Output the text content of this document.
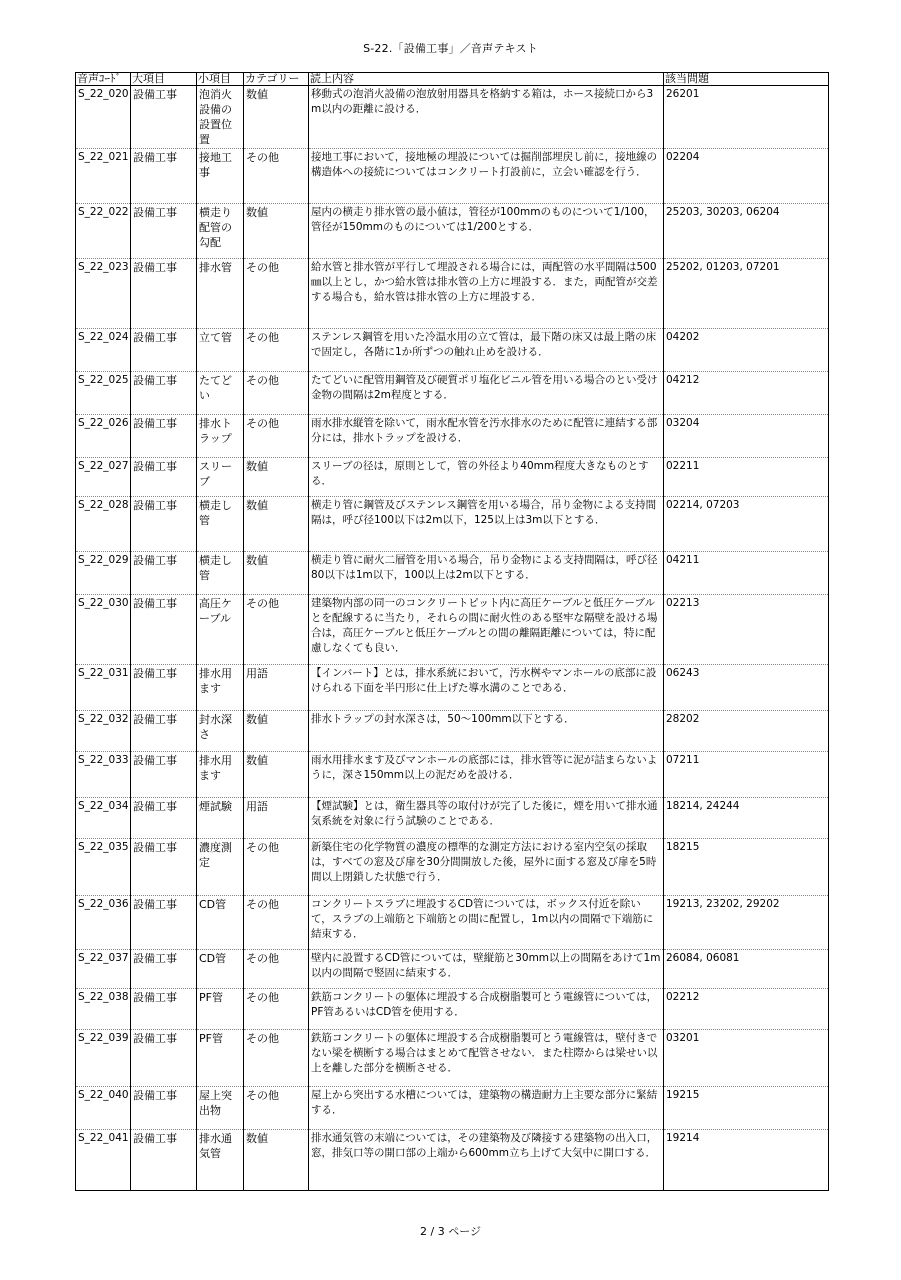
S-22.「設備工事」／音声テキスト
音声ｺｰﾄﾞ	大項目	小項目	カテゴリー	読上内容	該当問題
S_22_020	設備工事	泡消火設備の設置位置	数値	移動式の泡消火設備の泡放射用器具を格納する箱は，ホース接続口から3m以内の距離に設ける．	26201
S_22_021	設備工事	接地工事	その他	接地工事において，接地極の埋設については掘削部埋戻し前に，接地線の構造体への接続についてはコンクリート打設前に，立会い確認を行う．	02204
S_22_022	設備工事	横走り配管の勾配	数値	屋内の横走り排水管の最小値は，管径が100mmのものについて1/100，管径が150mmのものについては1/200とする．	25203, 30203, 06204
S_22_023	設備工事	排水管	その他	給水管と排水管が平行して埋設される場合には，両配管の水平間隔は500㎜以上とし，かつ給水管は排水管の上方に埋設する．また，両配管が交差する場合も，給水管は排水管の上方に埋設する．	25202, 01203, 07201
S_22_024	設備工事	立て管	その他	ステンレス鋼管を用いた冷温水用の立て管は，最下階の床又は最上階の床で固定し，各階に1か所ずつの触れ止めを設ける．	04202
S_22_025	設備工事	たてどい	その他	たてどいに配管用鋼管及び硬質ポリ塩化ビニル管を用いる場合のとい受け金物の間隔は2m程度とする．	04212
S_22_026	設備工事	排水トラップ	その他	雨水排水縦管を除いて，雨水配水管を汚水排水のために配管に連結する部分には，排水トラップを設ける．	03204
S_22_027	設備工事	スリーブ	数値	スリーブの径は，原則として，管の外径より40mm程度大きなものとする．	02211
S_22_028	設備工事	横走し管	数値	横走り管に鋼管及びステンレス鋼管を用いる場合，吊り金物による支持間隔は，呼び径100以下は2m以下，125以上は3m以下とする．	02214, 07203
S_22_029	設備工事	横走し管	数値	横走り管に耐火二層管を用いる場合，吊り金物による支持間隔は，呼び径80以下は1m以下，100以上は2m以下とする．	04211
S_22_030	設備工事	高圧ケーブル	その他	建築物内部の同一のコンクリートピット内に高圧ケーブルと低圧ケーブルとを配線するに当たり，それらの間に耐火性のある堅牢な隔壁を設ける場合は，高圧ケーブルと低圧ケーブルとの間の離隔距離については，特に配慮しなくても良い．	02213
S_22_031	設備工事	排水用ます	用語	【インバート】とは，排水系統において，汚水桝やマンホールの底部に設けられる下面を半円形に仕上げた導水溝のことである．	06243
S_22_032	設備工事	封水深さ	数値	排水トラップの封水深さは，50～100mm以下とする．	28202
S_22_033	設備工事	排水用ます	数値	雨水用排水ます及びマンホールの底部には，排水管等に泥が詰まらないように，深さ150mm以上の泥だめを設ける．	07211
S_22_034	設備工事	煙試験	用語	【煙試験】とは，衛生器具等の取付けが完了した後に，煙を用いて排水通気系統を対象に行う試験のことである．	18214, 24244
S_22_035	設備工事	濃度測定	その他	新築住宅の化学物質の濃度の標準的な測定方法における室内空気の採取は，すべての窓及び扉を30分間開放した後，屋外に面する窓及び扉を5時間以上閉鎖した状態で行う．	18215
S_22_036	設備工事	CD管	その他	コンクリートスラブに埋設するCD管については，ボックス付近を除いて，スラブの上端筋と下端筋との間に配置し，1m以内の間隔で下端筋に結束する．	19213, 23202, 29202
S_22_037	設備工事	CD管	その他	壁内に設置するCD管については，壁縦筋と30mm以上の間隔をあけて1m以内の間隔で竪固に結束する．	26084, 06081
S_22_038	設備工事	PF管	その他	鉄筋コンクリートの躯体に埋設する合成樹脂製可とう電線管については，PF管あるいはCD管を使用する．	02212
S_22_039	設備工事	PF管	その他	鉄筋コンクリートの躯体に埋設する合成樹脂製可とう電線管は，壁付きでない梁を横断する場合はまとめて配管させない．また柱際からは梁せい以上を離した部分を横断させる．	03201
S_22_040	設備工事	屋上突出物	その他	屋上から突出する水槽については，建築物の構造耐力上主要な部分に緊結する．	19215
S_22_041	設備工事	排水通気管	数値	排水通気管の末端については，その建築物及び隣接する建築物の出入口，窓，排気口等の開口部の上端から600mm立ち上げて大気中に開口する．	19214
2 / 3 ページ
